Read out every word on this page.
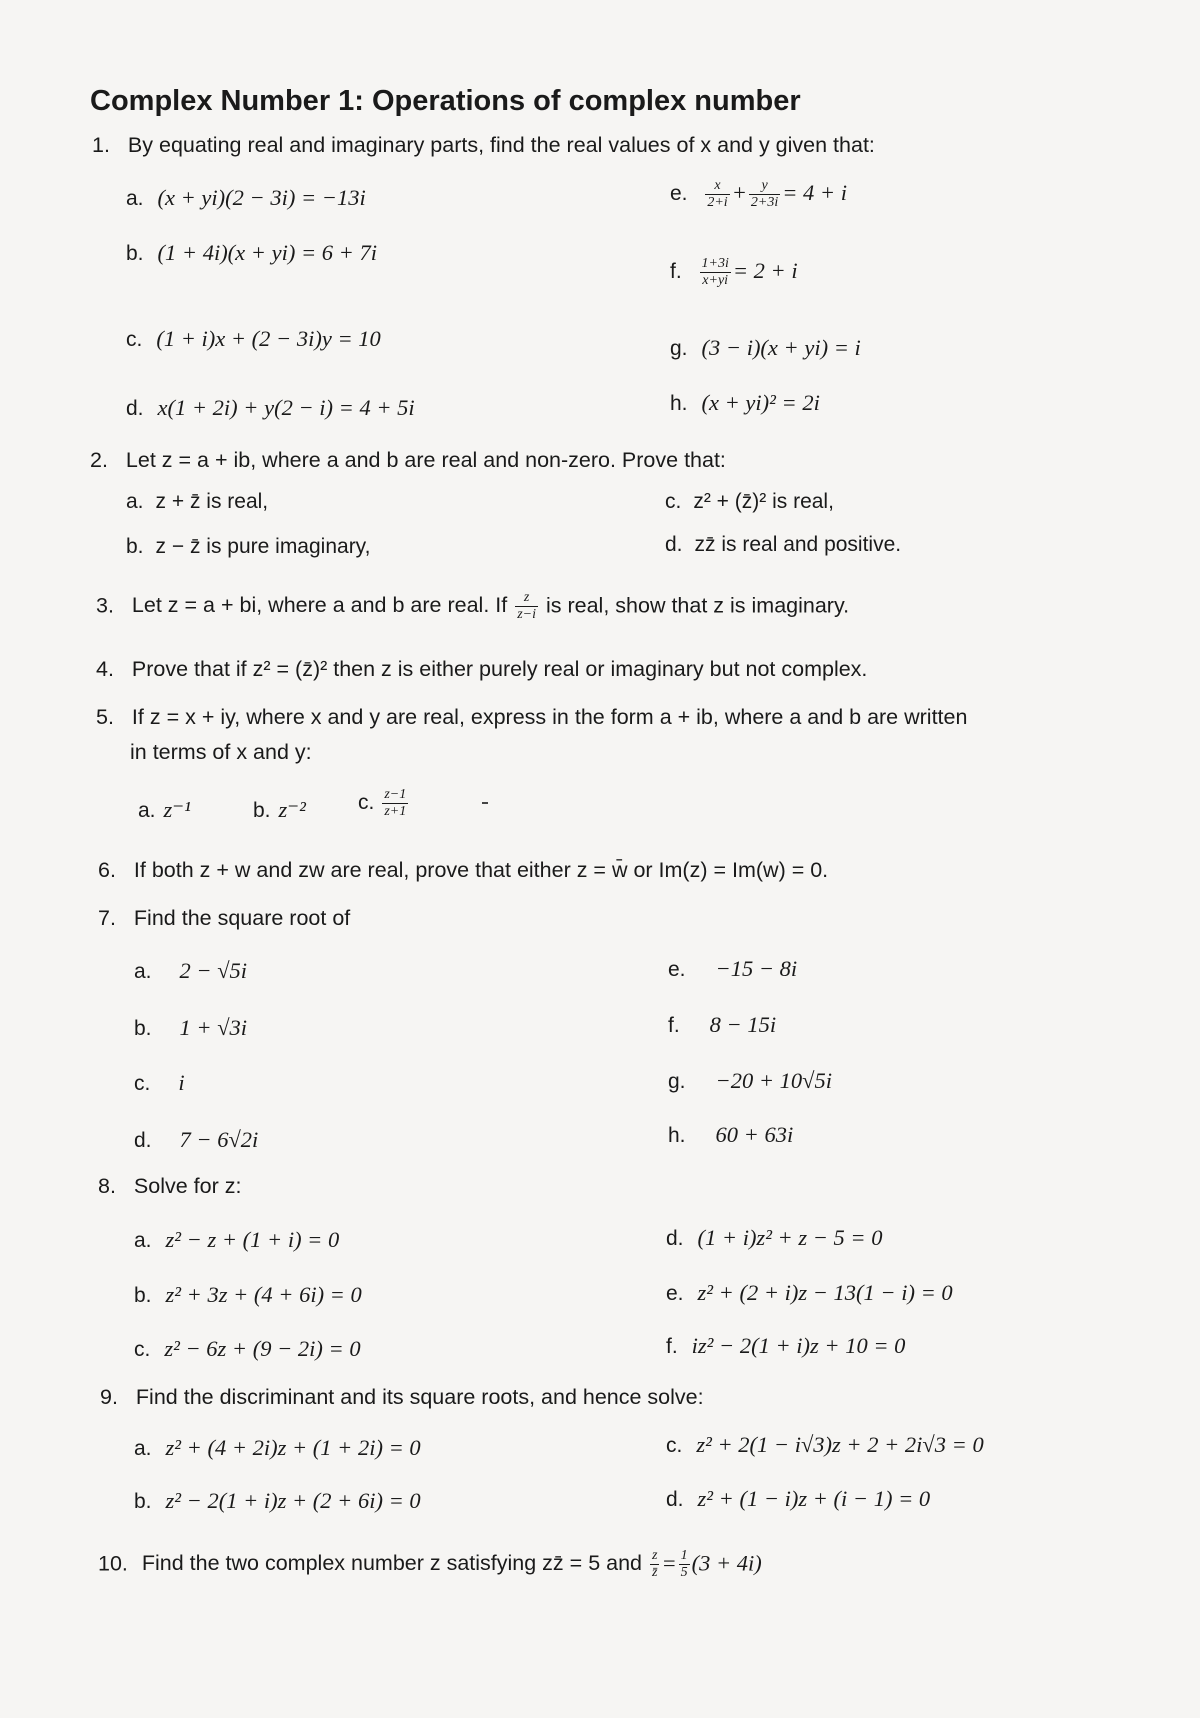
Complex Number 1: Operations of complex number
1. By equating real and imaginary parts, find the real values of x and y given that:
a. (x + yi)(2 − 3i) = −13i
b. (1 + 4i)(x + yi) = 6 + 7i
c. (1 + i)x + (2 − 3i)y = 10
d. x(1 + 2i) + y(2 − i) = 4 + 5i
e. $\frac{x}{2+i} + \frac{y}{2+3i} = 4 + i$
f. $\frac{1+3i}{x+yi} = 2 + i$
g. (3 − i)(x + yi) = i
h. (x + yi)² = 2i
2. Let z = a + ib, where a and b are real and non-zero. Prove that:
a. z + z̄ is real,
b. z − z̄ is pure imaginary,
c. z² + (z̄)² is real,
d. zz̄ is real and positive.
3. Let z = a + bi, where a and b are real. If $\frac{z}{z-i}$ is real, show that z is imaginary.
4. Prove that if z² = (z̄)² then z is either purely real or imaginary but not complex.
5. If z = x + iy, where x and y are real, express in the form a + ib, where a and b are written
in terms of x and y:
a. z⁻¹	b. z⁻² c. $\frac{z-1}{z+1}$
6. If both z + w and zw are real, prove that either z = w̄ or Im(z) = Im(w) = 0.
7. Find the square root of
a. 2 − √5i
b. 1 + √3i
c. i
d. 7 − 6√2i
e. −15 − 8i
f. 8 − 15i
g. −20 + 10√5i
h. 60 + 63i
8. Solve for z:
a. z² − z + (1 + i) = 0
b. z² + 3z + (4 + 6i) = 0
c. z² − 6z + (9 − 2i) = 0
d. (1 + i)z² + z − 5 = 0
e. z² + (2 + i)z − 13(1 − i) = 0
f. iz² − 2(1 + i)z + 10 = 0
9. Find the discriminant and its square roots, and hence solve:
a. z² + (4 + 2i)z + (1 + 2i) = 0
b. z² − 2(1 + i)z + (2 + 6i) = 0
c. z² + 2(1 − i√3)z + 2 + 2i√3 = 0
d. z² + (1 − i)z + (i − 1) = 0
10. Find the two complex number z satisfying zz̄ = 5 and $\frac{z}{z̄} = \frac{1}{5} (3 + 4i)$
